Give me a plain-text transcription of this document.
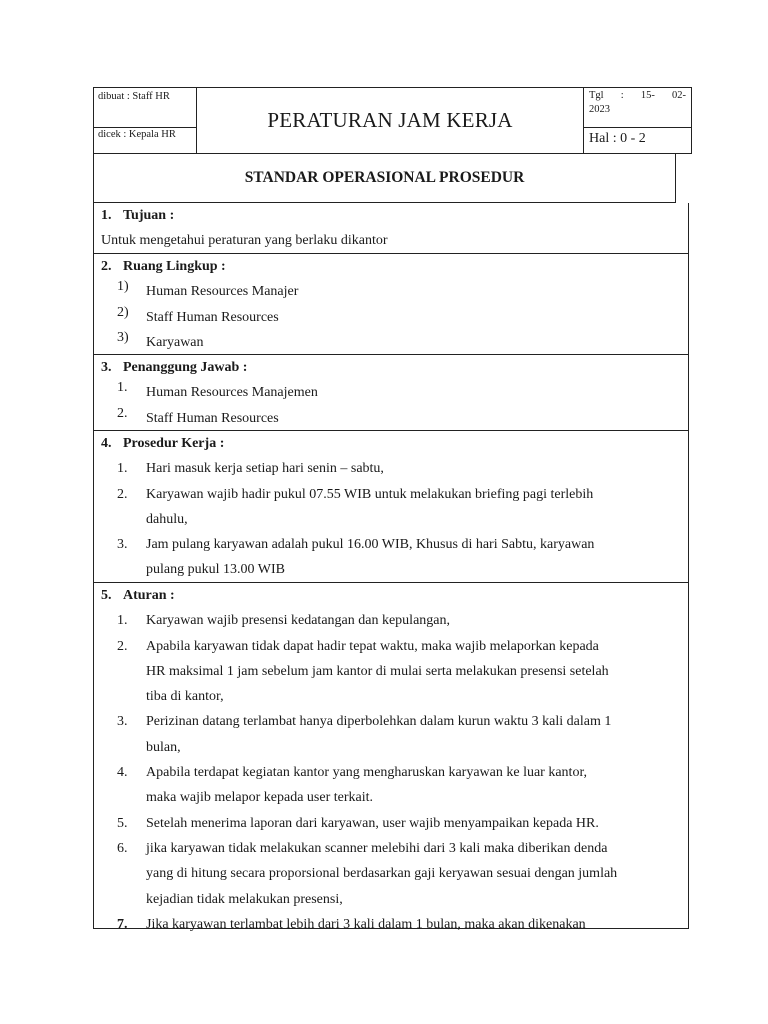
dibuat : Staff HR	PERATURAN JAM KERJA	Tgl : 15- 02-
2023

dicek : Kepala HR		Hal : 0 - 2
STANDAR OPERASIONAL PROSEDUR
1. Tujuan :
Untuk mengetahui peraturan yang berlaku dikantor
2. Ruang Lingkup :
1)	Human Resources Manajer
2)	Staff Human Resources
3)	Karyawan
3. Penanggung Jawab :
1.	Human Resources Manajemen
2.	Staff Human Resources
4. Prosedur Kerja :
1.	Hari masuk kerja setiap hari senin – sabtu,
2.	Karyawan wajib hadir pukul 07.55 WIB untuk melakukan briefing pagi terlebih
dahulu,
3.	Jam pulang karyawan adalah pukul 16.00 WIB, Khusus di hari Sabtu, karyawan
pulang pukul 13.00 WIB
5. Aturan :
1.	Karyawan wajib presensi kedatangan dan kepulangan,
2.	Apabila karyawan tidak dapat hadir tepat waktu, maka wajib melaporkan kepada
HR maksimal 1 jam sebelum jam kantor di mulai serta melakukan presensi setelah
tiba di kantor,
3.	Perizinan datang terlambat hanya diperbolehkan dalam kurun waktu 3 kali dalam 1
bulan,
4.	Apabila terdapat kegiatan kantor yang mengharuskan karyawan ke luar kantor,
maka wajib melapor kepada user terkait.
5.	Setelah menerima laporan dari karyawan, user wajib menyampaikan kepada HR.
6.	jika karyawan tidak melakukan scanner melebihi dari 3 kali maka diberikan denda
yang di hitung secara proporsional berdasarkan gaji keryawan sesuai dengan jumlah
kejadian tidak melakukan presensi,
7.	Jika karyawan terlambat lebih dari 3 kali dalam 1 bulan, maka akan dikenakan
